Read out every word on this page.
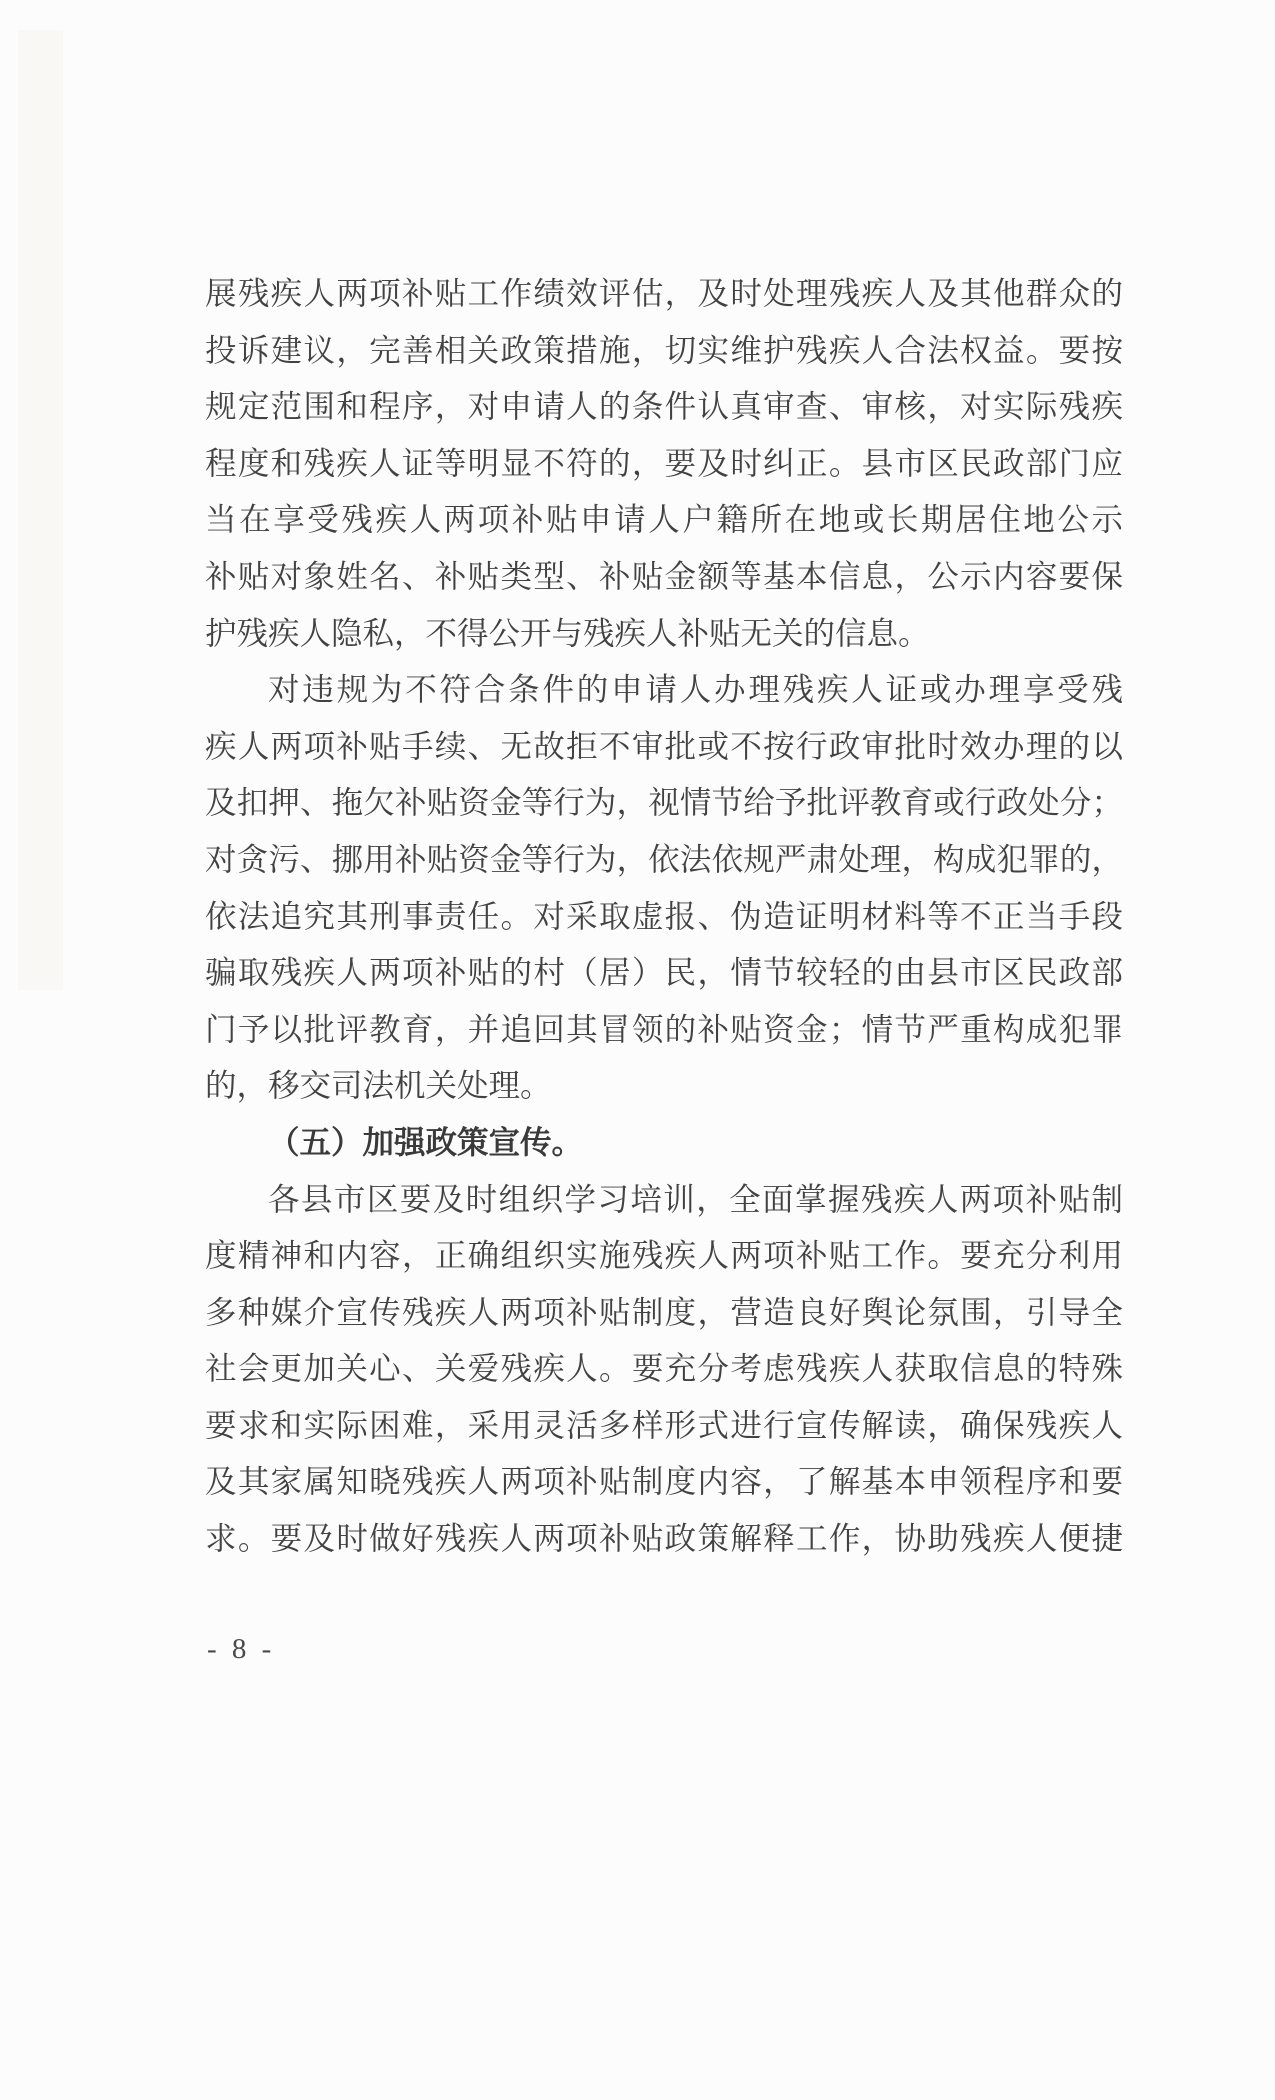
展残疾人两项补贴工作绩效评估，及时处理残疾人及其他群众的
投诉建议，完善相关政策措施，切实维护残疾人合法权益。要按
规定范围和程序，对申请人的条件认真审查、审核，对实际残疾
程度和残疾人证等明显不符的，要及时纠正。县市区民政部门应
当在享受残疾人两项补贴申请人户籍所在地或长期居住地公示
补贴对象姓名、补贴类型、补贴金额等基本信息，公示内容要保
护残疾人隐私，不得公开与残疾人补贴无关的信息。
对违规为不符合条件的申请人办理残疾人证或办理享受残
疾人两项补贴手续、无故拒不审批或不按行政审批时效办理的以
及扣押、拖欠补贴资金等行为，视情节给予批评教育或行政处分；
对贪污、挪用补贴资金等行为，依法依规严肃处理，构成犯罪的，
依法追究其刑事责任。对采取虚报、伪造证明材料等不正当手段
骗取残疾人两项补贴的村（居）民，情节较轻的由县市区民政部
门予以批评教育，并追回其冒领的补贴资金；情节严重构成犯罪
的，移交司法机关处理。
（五）加强政策宣传。
各县市区要及时组织学习培训，全面掌握残疾人两项补贴制
度精神和内容，正确组织实施残疾人两项补贴工作。要充分利用
多种媒介宣传残疾人两项补贴制度，营造良好舆论氛围，引导全
社会更加关心、关爱残疾人。要充分考虑残疾人获取信息的特殊
要求和实际困难，采用灵活多样形式进行宣传解读，确保残疾人
及其家属知晓残疾人两项补贴制度内容，了解基本申领程序和要
求。要及时做好残疾人两项补贴政策解释工作，协助残疾人便捷
- 8 -
